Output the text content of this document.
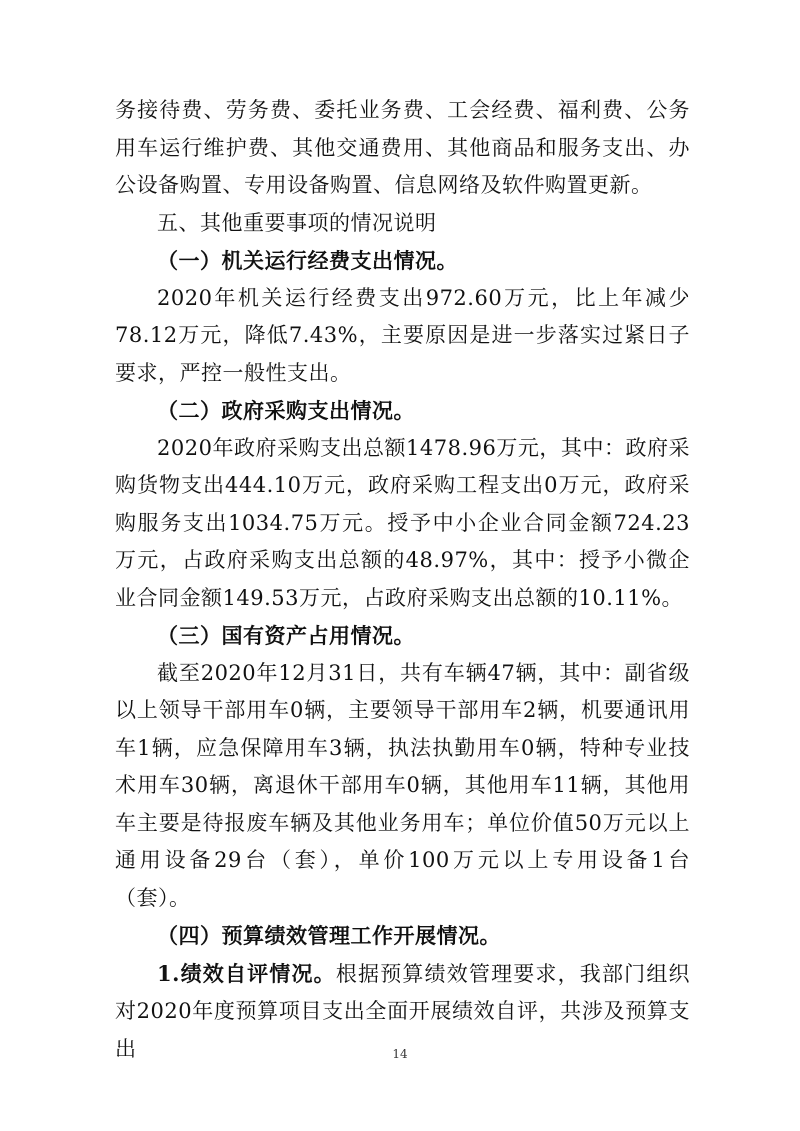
务接待费、劳务费、委托业务费、工会经费、福利费、公务用车运行维护费、其他交通费用、其他商品和服务支出、办公设备购置、专用设备购置、信息网络及软件购置更新。

五、其他重要事项的情况说明

（一）机关运行经费支出情况。

2020年机关运行经费支出972.60万元，比上年减少78.12万元，降低7.43%，主要原因是进一步落实过紧日子要求，严控一般性支出。

（二）政府采购支出情况。

2020年政府采购支出总额1478.96万元，其中：政府采购货物支出444.10万元，政府采购工程支出0万元，政府采购服务支出1034.75万元。授予中小企业合同金额724.23万元，占政府采购支出总额的48.97%，其中：授予小微企业合同金额149.53万元，占政府采购支出总额的10.11%。

（三）国有资产占用情况。

截至2020年12月31日，共有车辆47辆，其中：副省级以上领导干部用车0辆，主要领导干部用车2辆，机要通讯用车1辆，应急保障用车3辆，执法执勤用车0辆，特种专业技术用车30辆，离退休干部用车0辆，其他用车11辆，其他用车主要是待报废车辆及其他业务用车；单位价值50万元以上通用设备29台（套），单价100万元以上专用设备1台（套）。

（四）预算绩效管理工作开展情况。

1.绩效自评情况。根据预算绩效管理要求，我部门组织对2020年度预算项目支出全面开展绩效自评，共涉及预算支出	14
